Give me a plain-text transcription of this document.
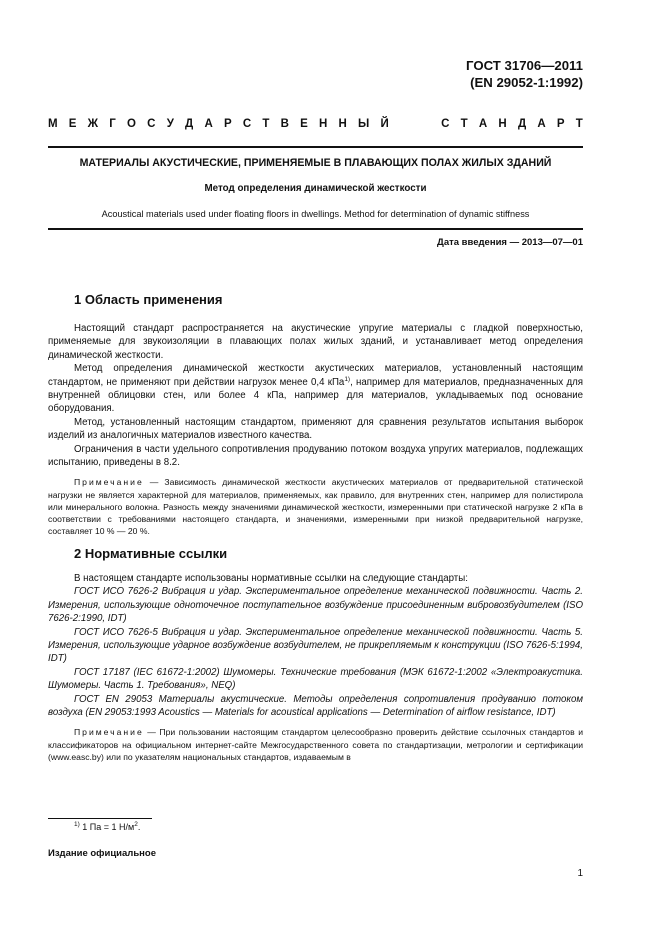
ГОСТ 31706—2011
(EN 29052-1:1992)
М Е Ж Г О С У Д А Р С Т В Е Н Н Ы Й	С Т А Н Д А Р Т
МАТЕРИАЛЫ АКУСТИЧЕСКИЕ, ПРИМЕНЯЕМЫЕ В ПЛАВАЮЩИХ ПОЛАХ ЖИЛЫХ ЗДАНИЙ
Метод определения динамической жесткости
Acoustical materials used under floating floors in dwellings. Method for determination of dynamic stiffness
Дата введения — 2013—07—01
1 Область применения

Настоящий стандарт распространяется на акустические упругие материалы с гладкой поверхностью, применяемые для звукоизоляции в плавающих полах жилых зданий, и устанавливает метод определения динамической жесткости.

Метод определения динамической жесткости акустических материалов, установленный настоящим стандартом, не применяют при действии нагрузок менее 0,4 кПа$^{1)}$, например для материалов, предназначенных для внутренней облицовки стен, или более 4 кПа, например для материалов, укладываемых под основание оборудования.

Метод, установленный настоящим стандартом, применяют для сравнения результатов испытания выборок изделий из аналогичных материалов известного качества.

Ограничения в части удельного сопротивления продуванию потоком воздуха упругих материалов, подлежащих испытанию, приведены в 8.2.

Примечание — Зависимость динамической жесткости акустических материалов от предварительной статической нагрузки не является характерной для материалов, применяемых, как правило, для внутренних стен, например для полистирола или минерального волокна. Разность между значениями динамической жесткости, измеренными при статической нагрузке 2 кПа в соответствии с требованиями настоящего стандарта, и значениями, измеренными при низкой предварительной нагрузке, составляет 10 % — 20 %.

2 Нормативные ссылки

В настоящем стандарте использованы нормативные ссылки на следующие стандарты:

ГОСТ ИСО 7626-2 Вибрация и удар. Экспериментальное определение механической подвижности. Часть 2. Измерения, использующие одноточечное поступательное возбуждение присоединенным вибровозбудителем (ISO 7626-2:1990, IDT)

ГОСТ ИСО 7626-5 Вибрация и удар. Экспериментальное определение механической подвижности. Часть 5. Измерения, использующие ударное возбуждение возбудителем, не прикрепляемым к конструкции (ISO 7626-5:1994, IDT)

ГОСТ 17187 (IEC 61672-1:2002) Шумомеры. Технические требования (МЭК 61672-1:2002 «Электроакустика. Шумомеры. Часть 1. Требования», NEQ)

ГОСТ EN 29053 Материалы акустические. Методы определения сопротивления продуванию потоком воздуха (EN 29053:1993 Acoustics — Materials for acoustical applications — Determination of airflow resistance, IDT)

Примечание — При пользовании настоящим стандартом целесообразно проверить действие ссылочных стандартов и классификаторов на официальном интернет-сайте Межгосударственного совета по стандартизации, метрологии и сертификации (www.easc.by) или по указателям национальных стандартов, издаваемым в

$^{1)}$ 1 Па = 1 $Н/м^2$.
Издание официальное
1
